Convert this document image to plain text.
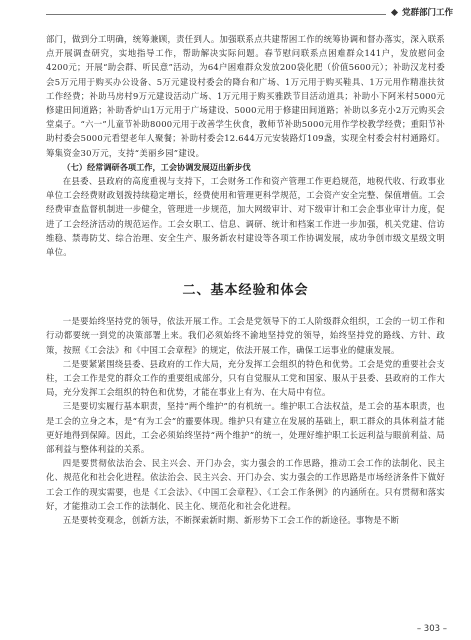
党群部门工作

部门，做到分工明确，统筹兼顾，责任到人。加强联系点共建帮困工作的统筹协调和督办落实，深入联系点开展调查研究，实地指导工作，帮助解决实际问题。春节慰问联系点困难群众141户，发放慰问金4200元；开展“助会群、听民意”活动，为64户困难群众发放200袋化肥（价值5600元）；补助汉龙村委会5万元用于购买办公设备、5万元建设村委会的降台和广场、1万元用于购买鞋具、1万元用作精准扶贫工作经费；补助马房村9万元建设活动广场、1万元用于购买雅跌节目活动道具；补助小下阿米村5000元修建田间道路；补助香炉山1万元用于广场建设、5000元用于修建田间道路；补助以多克小2万元购买会堂桌子。“六一”儿童节补助8000元用于改善学生伙食，教师节补助5000元用作学校教学经费；重阳节补助村委会5000元看望老年人聚餐；补助村委会12.644万元安装路灯109盏，实现全村委会村村通路灯。筹集资金30万元，支持“美丽乡园”建设。

（七）经常调研各项工作，工会协调发展迈出新步伐

在县委、县政府的高度重视与支持下，工会财务工作和资产管理工作更趋规范，地税代收、行政事业单位工会经费财政划拨持续稳定增长，经费使用和管理更科学规范，工会资产安全完整、保值增值。工会经费审查监督机制进一步健全，管理进一步规范，加大网级审计、对下级审计和工会企事业审计力度，促进了工会经济活动的规范运作。工会女职工、信息、调研、统计和档案工作进一步加强，机关党建、信访维稳、禁毒防艾、综合治理、安全生产、服务新农村建设等各项工作协调发展，成功争创市级文星级文明单位。

二、基本经验和体会

一是要始终坚持党的领导，依法开展工作。工会是党领导下的工人阶级群众组织，工会的一切工作和行动都要统一到党的决策部署上来。我们必须始终不渝地坚持党的领导，始终坚持党的路线、方针、政策，按照《工会法》和《中国工会章程》的规定，依法开展工作，确保工运事业的健康发展。

二是要紧紧围绕县委、县政府的工作大局，充分发挥工会组织的特色和优势。工会是党的重要社会支柱，工会工作是党的群众工作的重要组成部分，只有自觉服从工党和国家、服从于县委、县政府的工作大局，充分发挥工会组织的特色和优势，才能在事业上有为、在大局中有位。

三是要切实履行基本职责，坚持“两个维护”的有机统一。维护职工合法权益，是工会的基本职责，也是工会的立身之本，是“有为工会”的靈要体现。维护只有建立在发展的基础上，职工群众的具体利益才能更好地得到保障。因此，工会必须始终坚持“两个维护”的统一，处理好维护职工长远利益与眼前利益、局部利益与整体利益的关系。

四是要贯彻依法治会、民主兴会、开门办会，实力强会的工作思路，推动工会工作的法制化、民主化、规范化和社会化进程。依法治会、民主兴会、开门办会、实力强会的工作思路是市场经济条件下做好工会工作的现实需要，也是《工会法》、《中国工会章程》、《工会工作条例》的内涵所在。只有贯彻和落实好，才能推动工会工作的法制化、民主化、规范化和社会化进程。

五是要转变观念，创新方法，不断探索新时期、新形势下工会工作的新途径。事物是不断

– 303 –
